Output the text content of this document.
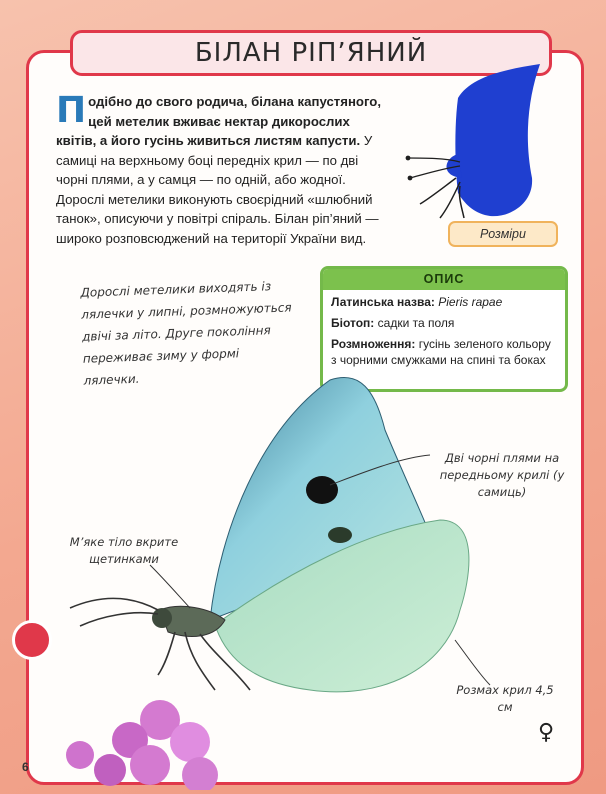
БІЛАН РІП’ЯНИЙ
Подібно до свого родича, білана капустяного, цей метелик вживає нектар дикорослих квітів, а його гусінь живиться листям капусти. У самиці на верхньому боці передніх крил — по дві чорні плями, а у самця — по одній, або жодної. Дорослі метелики виконують своєрідний «шлюбний танок», описуючи у повітрі спіраль. Білан ріп’яний — широко розповсюджений на території України вид.	Розміри
Дорослі метелики виходять із лялечки у липні, розмножуються двічі за літо. Друге покоління переживає зиму у формі лялечки.
ОПИС
Латинська назва: Pieris rapae
Біотоп: садки та поля
Розмноження: гусінь зеленого кольору з чорними смужками на спині та боках
Дві чорні плями на передньому крилі (у самиць)
М’яке тіло вкрите щетинками
Розмах крил 4,5 см
6
♀
